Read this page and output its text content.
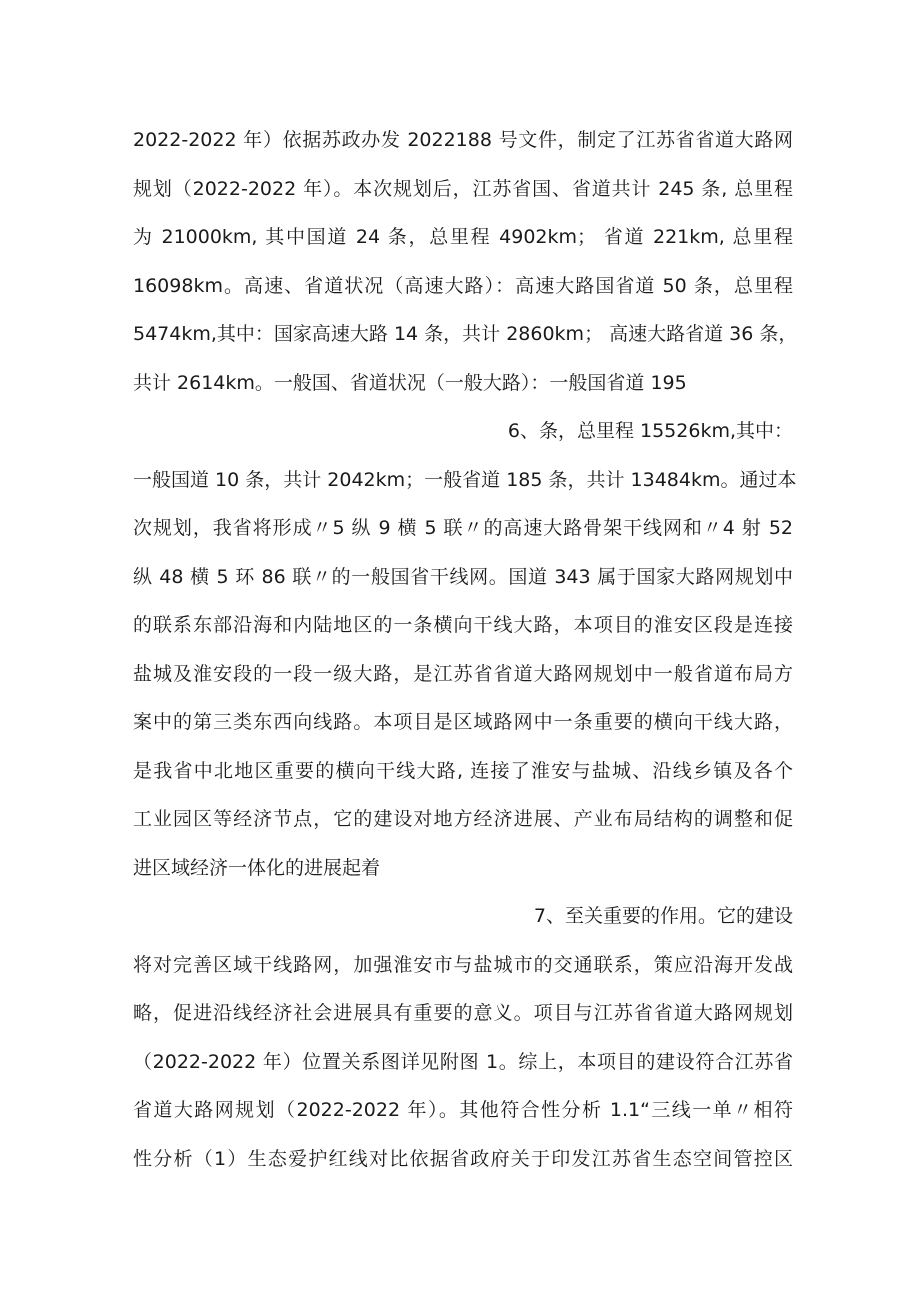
2022-2022 年）依据苏政办发 2022188 号文件，制定了江苏省省道大路网
规划（2022-2022 年）。本次规划后，江苏省国、省道共计 245 条, 总里程
为 21000km, 其中国道 24 条，总里程 4902km； 省道 221km, 总里程
16098km。高速、省道状况（高速大路）：高速大路国省道 50 条，总里程
5474km,其中：国家高速大路 14 条，共计 2860km； 高速大路省道 36 条，
共计 2614km。一般国、省道状况（一般大路）：一般国省道 195
6、条，总里程 15526km,其中：
一般国道 10 条，共计 2042km；一般省道 185 条，共计 13484km。通过本
次规划，我省将形成〃5 纵 9 横 5 联〃的高速大路骨架干线网和〃4 射 52
纵 48 横 5 环 86 联〃的一般国省干线网。国道 343 属于国家大路网规划中
的联系东部沿海和内陆地区的一条横向干线大路，本项目的淮安区段是连接
盐城及淮安段的一段一级大路，是江苏省省道大路网规划中一般省道布局方
案中的第三类东西向线路。本项目是区域路网中一条重要的横向干线大路，
是我省中北地区重要的横向干线大路, 连接了淮安与盐城、沿线乡镇及各个
工业园区等经济节点，它的建设对地方经济进展、产业布局结构的调整和促
进区域经济一体化的进展起着
7、至关重要的作用。它的建设
将对完善区域干线路网，加强淮安市与盐城市的交通联系，策应沿海开发战
略，促进沿线经济社会进展具有重要的意义。项目与江苏省省道大路网规划
（2022-2022 年）位置关系图详见附图 1。综上，本项目的建设符合江苏省
省道大路网规划（2022-2022 年）。其他符合性分析 1.1“三线一单〃相符
性分析（1）生态爱护红线对比依据省政府关于印发江苏省生态空间管控区
